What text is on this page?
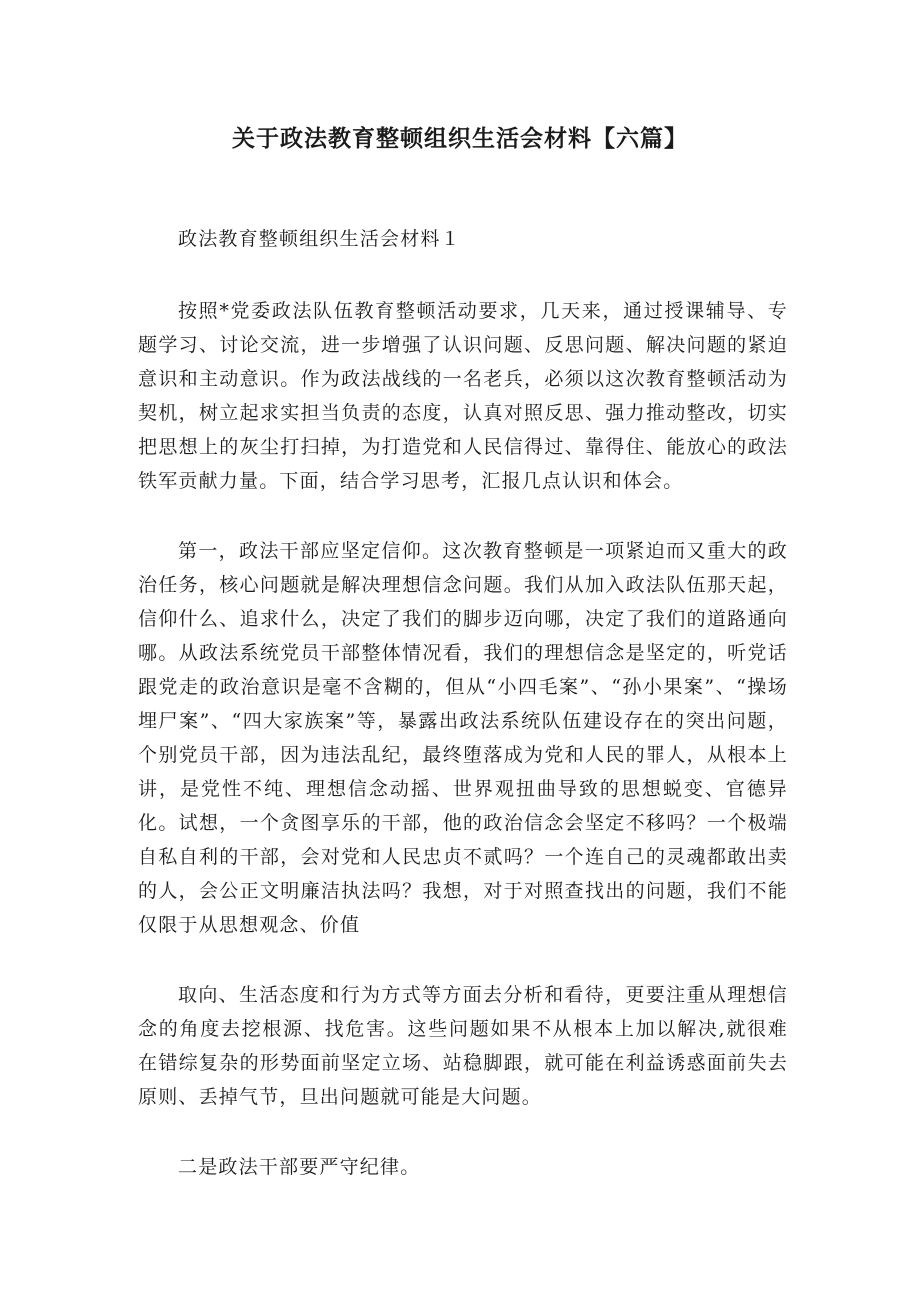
关于政法教育整顿组织生活会材料【六篇】

政法教育整顿组织生活会材料１

按照*党委政法队伍教育整顿活动要求，几天来，通过授课辅导、专题学习、讨论交流，进一步增强了认识问题、反思问题、解决问题的紧迫意识和主动意识。作为政法战线的一名老兵，必须以这次教育整顿活动为契机，树立起求实担当负责的态度，认真对照反思、强力推动整改，切实把思想上的灰尘打扫掉，为打造党和人民信得过、靠得住、能放心的政法铁军贡献力量。下面，结合学习思考，汇报几点认识和体会。

第一，政法干部应坚定信仰。这次教育整顿是一项紧迫而又重大的政治任务，核心问题就是解决理想信念问题。我们从加入政法队伍那天起，信仰什么、追求什么，决定了我们的脚步迈向哪，决定了我们的道路通向哪。从政法系统党员干部整体情况看，我们的理想信念是坚定的，听党话跟党走的政治意识是毫不含糊的，但从“小四毛案”、“孙小果案”、“操场埋尸案”、“四大家族案”等，暴露出政法系统队伍建设存在的突出问题，个别党员干部，因为违法乱纪，最终堕落成为党和人民的罪人，从根本上讲，是党性不纯、理想信念动摇、世界观扭曲导致的思想蜕变、官德异化。试想，一个贪图享乐的干部，他的政治信念会坚定不移吗？一个极端自私自利的干部，会对党和人民忠贞不贰吗？一个连自己的灵魂都敢出卖的人，会公正文明廉洁执法吗？我想，对于对照查找出的问题，我们不能仅限于从思想观念、价值

取向、生活态度和行为方式等方面去分析和看待，更要注重从理想信念的角度去挖根源、找危害。这些问题如果不从根本上加以解决,就很难在错综复杂的形势面前坚定立场、站稳脚跟，就可能在利益诱惑面前失去原则、丢掉气节，旦出问题就可能是大问题。

二是政法干部要严守纪律。
